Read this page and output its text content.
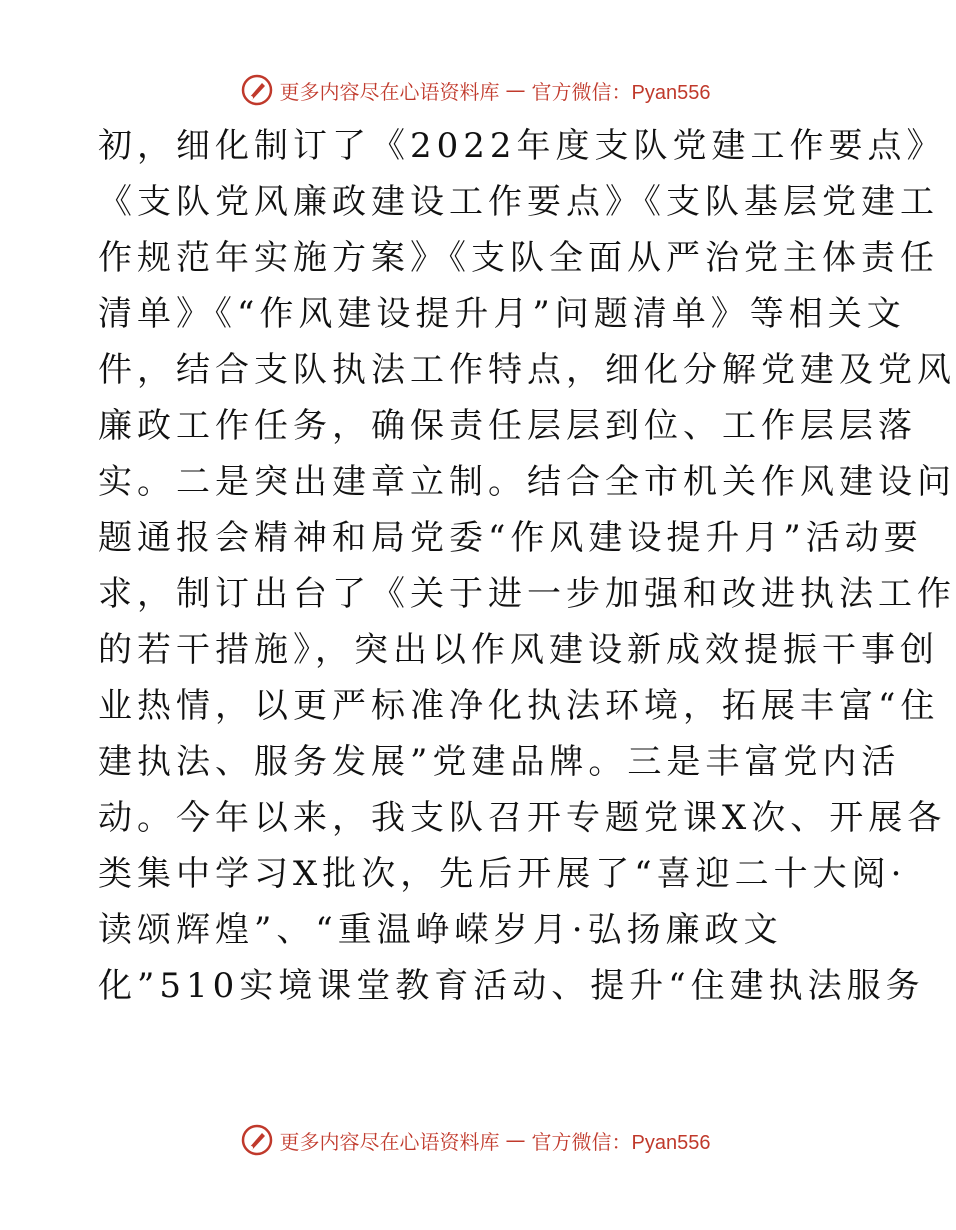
更多内容尽在心语资料库 — 官方微信：Pyan556
初，细化制订了《2022年度支队党建工作要点》
《支队党风廉政建设工作要点》《支队基层党建工
作规范年实施方案》《支队全面从严治党主体责任
清单》《“作风建设提升月”问题清单》等相关文
件，结合支队执法工作特点，细化分解党建及党风
廉政工作任务，确保责任层层到位、工作层层落
实。二是突出建章立制。结合全市机关作风建设问
题通报会精神和局党委“作风建设提升月”活动要
求，制订出台了《关于进一步加强和改进执法工作
的若干措施》，突出以作风建设新成效提振干事创
业热情，以更严标准净化执法环境，拓展丰富“住
建执法、服务发展”党建品牌。三是丰富党内活
动。今年以来，我支队召开专题党课X次、开展各
类集中学习X批次，先后开展了“喜迎二十大阅·
读颂辉煌”、“重温峥嵘岁月·弘扬廉政文
化”510实境课堂教育活动、提升“住建执法服务
更多内容尽在心语资料库 — 官方微信：Pyan556
